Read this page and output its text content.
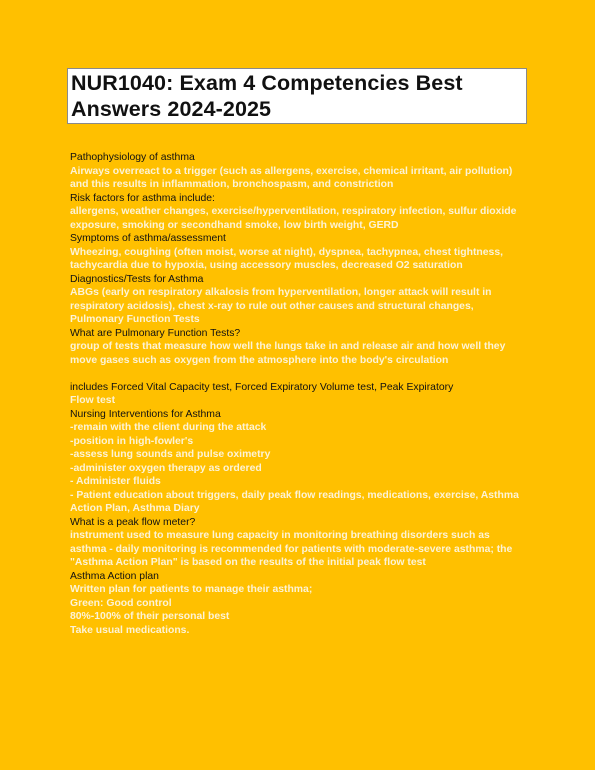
NUR1040: Exam 4 Competencies Best Answers 2024-2025
Pathophysiology of asthma
Airways overreact to a trigger (such as allergens, exercise, chemical irritant, air pollution) and this results in inflammation, bronchospasm, and constriction
Risk factors for asthma include:
allergens, weather changes, exercise/hyperventilation, respiratory infection, sulfur dioxide exposure, smoking or secondhand smoke, low birth weight, GERD
Symptoms of asthma/assessment
Wheezing, coughing (often moist, worse at night), dyspnea, tachypnea, chest tightness, tachycardia due to hypoxia, using accessory muscles, decreased O2 saturation
Diagnostics/Tests for Asthma
ABGs (early on respiratory alkalosis from hyperventilation, longer attack will result in respiratory acidosis), chest x-ray to rule out other causes and structural changes, Pulmonary Function Tests
What are Pulmonary Function Tests?
group of tests that measure how well the lungs take in and release air and how well they move gases such as oxygen from the atmosphere into the body's circulation
includes Forced Vital Capacity test, Forced Expiratory Volume test, Peak Expiratory
Flow test
Nursing Interventions for Asthma
-remain with the client during the attack
-position in high-fowler's
-assess lung sounds and pulse oximetry
-administer oxygen therapy as ordered
- Administer fluids
- Patient education about triggers, daily peak flow readings, medications, exercise, Asthma Action Plan, Asthma Diary
What is a peak flow meter?
instrument used to measure lung capacity in monitoring breathing disorders such as asthma - daily monitoring is recommended for patients with moderate-severe asthma; the "Asthma Action Plan" is based on the results of the initial peak flow test
Asthma Action plan
Written plan for patients to manage their asthma;
Green: Good control
80%-100% of their personal best
Take usual medications.
